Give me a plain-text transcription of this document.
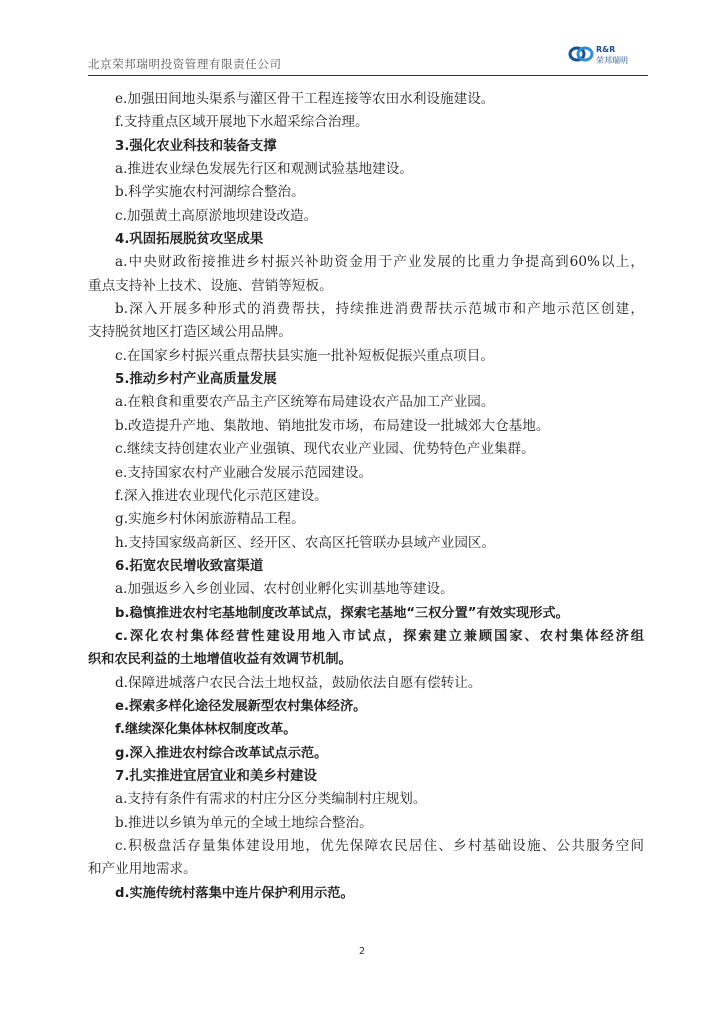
北京荣邦瑞明投资管理有限责任公司
R&R
荣邦瑞明
e.加强田间地头渠系与灌区骨干工程连接等农田水利设施建设。
f.支持重点区域开展地下水超采综合治理。
3.强化农业科技和装备支撑
a.推进农业绿色发展先行区和观测试验基地建设。
b.科学实施农村河湖综合整治。
c.加强黄土高原淤地坝建设改造。
4.巩固拓展脱贫攻坚成果
a.中央财政衔接推进乡村振兴补助资金用于产业发展的比重力争提高到60%以上，
重点支持补上技术、设施、营销等短板。
b.深入开展多种形式的消费帮扶，持续推进消费帮扶示范城市和产地示范区创建，
支持脱贫地区打造区域公用品牌。
c.在国家乡村振兴重点帮扶县实施一批补短板促振兴重点项目。
5.推动乡村产业高质量发展
a.在粮食和重要农产品主产区统筹布局建设农产品加工产业园。
b.改造提升产地、集散地、销地批发市场，布局建设一批城郊大仓基地。
c.继续支持创建农业产业强镇、现代农业产业园、优势特色产业集群。
e.支持国家农村产业融合发展示范园建设。
f.深入推进农业现代化示范区建设。
g.实施乡村休闲旅游精品工程。
h.支持国家级高新区、经开区、农高区托管联办县域产业园区。
6.拓宽农民增收致富渠道
a.加强返乡入乡创业园、农村创业孵化实训基地等建设。
b.稳慎推进农村宅基地制度改革试点，探索宅基地“三权分置”有效实现形式。
c.深化农村集体经营性建设用地入市试点，探索建立兼顾国家、农村集体经济组
织和农民利益的土地增值收益有效调节机制。
d.保障进城落户农民合法土地权益，鼓励依法自愿有偿转让。
e.探索多样化途径发展新型农村集体经济。
f.继续深化集体林权制度改革。
g.深入推进农村综合改革试点示范。
7.扎实推进宜居宜业和美乡村建设
a.支持有条件有需求的村庄分区分类编制村庄规划。
b.推进以乡镇为单元的全域土地综合整治。
c.积极盘活存量集体建设用地，优先保障农民居住、乡村基础设施、公共服务空间
和产业用地需求。
d.实施传统村落集中连片保护利用示范。
2
